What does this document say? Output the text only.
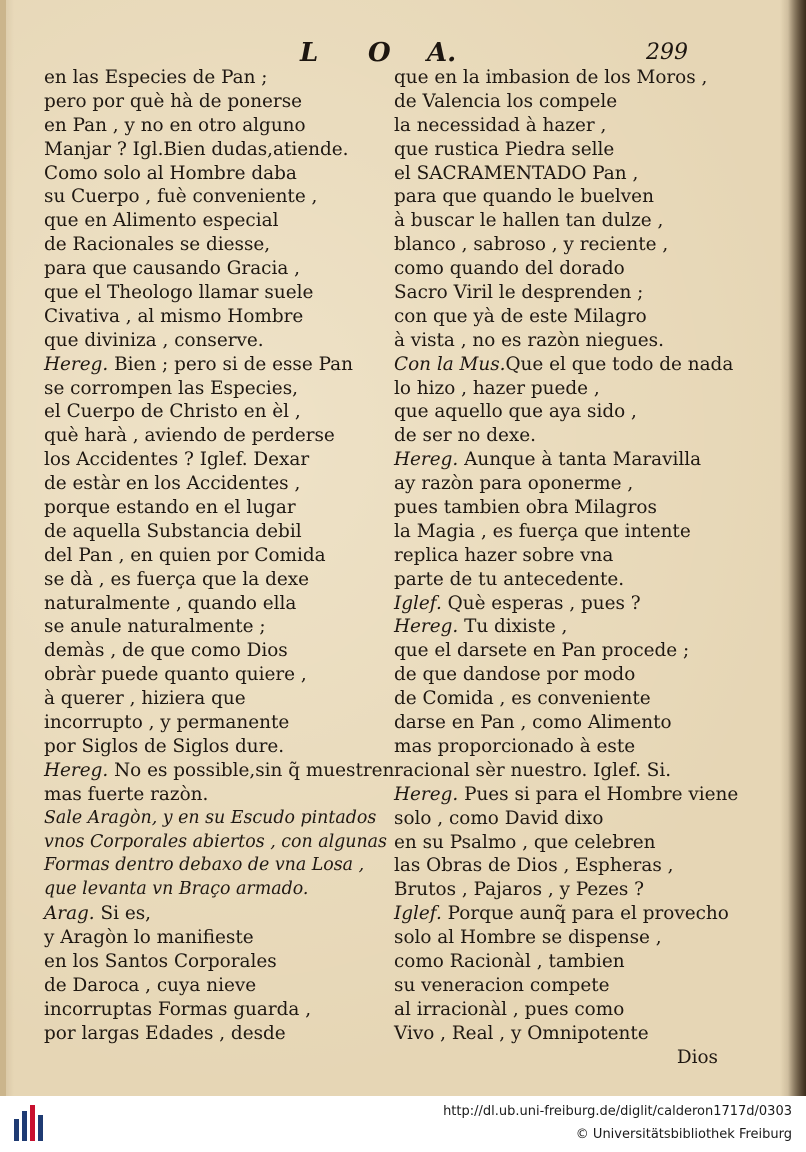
L O A.	299
en las Especies de Pan ;
pero por què hà de ponerse
en Pan , y no en otro alguno
Manjar ? Igl.Bien dudas,atiende.
Como solo al Hombre daba
su Cuerpo , fuè conveniente ,
que en Alimento especial
de Racionales se diesse,
para que causando Gracia ,
que el Theologo llamar suele
Civativa , al mismo Hombre
que diviniza , conserve.
Hereg. Bien ; pero si de esse Pan
se corrompen las Especies,
el Cuerpo de Christo en èl ,
què harà , aviendo de perderse
los Accidentes ? Iglef. Dexar
de estàr en los Accidentes ,
porque estando en el lugar
de aquella Substancia debil
del Pan , en quien por Comida
se dà , es fuerça que la dexe
naturalmente , quando ella
se anule naturalmente ;
demàs , de que como Dios
obràr puede quanto quiere ,
à querer , hiziera que
incorrupto , y permanente
por Siglos de Siglos dure.
Hereg. No es possible,sin q̃ muestren
mas fuerte razòn.
Sale Aragòn, y en su Escudo pintados
vnos Corporales abiertos , con algunas
Formas dentro debaxo de vna Losa ,
que levanta vn Braço armado.
Arag. Si es,
y Aragòn lo manifieste
en los Santos Corporales
de Daroca , cuya nieve
incorruptas Formas guarda ,
por largas Edades , desde
que en la imbasion de los Moros ,
de Valencia los compele
la necessidad à hazer ,
que rustica Piedra selle
el SACRAMENTADO Pan ,
para que quando le buelven
à buscar le hallen tan dulze ,
blanco , sabroso , y reciente ,
como quando del dorado
Sacro Viril le desprenden ;
con que yà de este Milagro
à vista , no es razòn niegues.
Con la Mus.Que el que todo de nada
lo hizo , hazer puede ,
que aquello que aya sido ,
de ser no dexe.
Hereg. Aunque à tanta Maravilla
ay razòn para oponerme ,
pues tambien obra Milagros
la Magia , es fuerça que intente
replica hazer sobre vna
parte de tu antecedente.
Iglef. Què esperas , pues ?
Hereg. Tu dixiste ,
que el darsete en Pan procede ;
de que dandose por modo
de Comida , es conveniente
darse en Pan , como Alimento
mas proporcionado à este
racional sèr nuestro. Iglef. Si.
Hereg. Pues si para el Hombre viene
solo , como David dixo
en su Psalmo , que celebren
las Obras de Dios , Espheras ,
Brutos , Pajaros , y Pezes ?
Iglef. Porque aunq̃ para el provecho
solo al Hombre se dispense ,
como Racionàl , tambien
su veneracion compete
al irracionàl , pues como
Vivo , Real , y Omnipotente
Dios
http://dl.ub.uni-freiburg.de/diglit/calderon1717d/0303
© Universitätsbibliothek Freiburg
